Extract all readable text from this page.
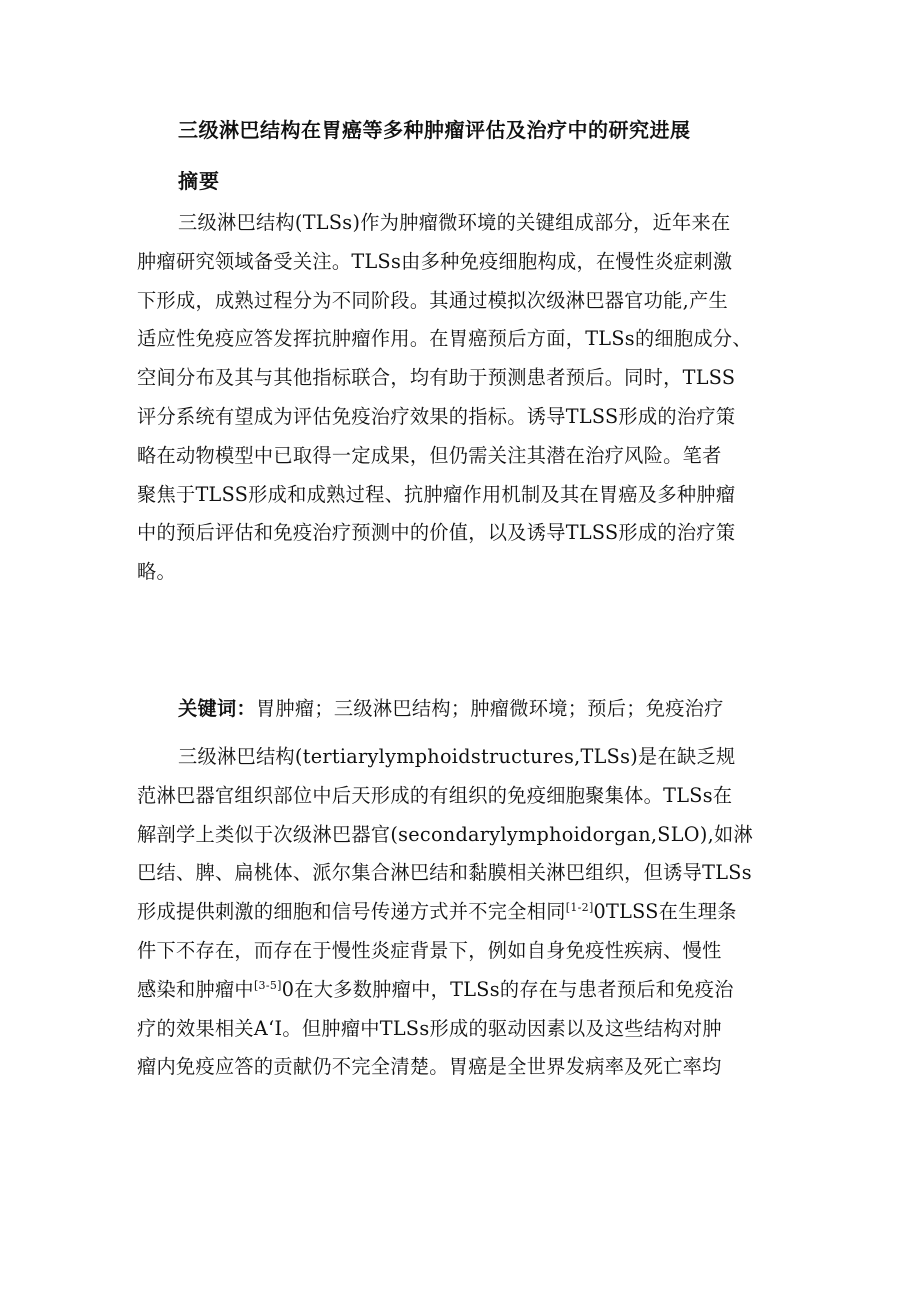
三级淋巴结构在胃癌等多种肿瘤评估及治疗中的研究进展
摘要
三级淋巴结构(TLSs)作为肿瘤微环境的关键组成部分，近年来在
肿瘤研究领域备受关注。TLSs由多种免疫细胞构成，在慢性炎症刺激
下形成，成熟过程分为不同阶段。其通过模拟次级淋巴器官功能,产生
适应性免疫应答发挥抗肿瘤作用。在胃癌预后方面，TLSs的细胞成分、
空间分布及其与其他指标联合，均有助于预测患者预后。同时，TLSS
评分系统有望成为评估免疫治疗效果的指标。诱导TLSS形成的治疗策
略在动物模型中已取得一定成果，但仍需关注其潜在治疗风险。笔者
聚焦于TLSS形成和成熟过程、抗肿瘤作用机制及其在胃癌及多种肿瘤
中的预后评估和免疫治疗预测中的价值，以及诱导TLSS形成的治疗策
略。
关键词：胃肿瘤；三级淋巴结构；肿瘤微环境；预后；免疫治疗
三级淋巴结构(tertiarylymphoidstructures,TLSs)是在缺乏规
范淋巴器官组织部位中后天形成的有组织的免疫细胞聚集体。TLSs在
解剖学上类似于次级淋巴器官(secondarylymphoidorgan,SLO),如淋
巴结、脾、扁桃体、派尔集合淋巴结和黏膜相关淋巴组织，但诱导TLSs
形成提供刺激的细胞和信号传递方式并不完全相同[1-2]0TLSS在生理条
件下不存在，而存在于慢性炎症背景下，例如自身免疫性疾病、慢性
感染和肿瘤中[3-5]0在大多数肿瘤中，TLSs的存在与患者预后和免疫治
疗的效果相关A‘I。但肿瘤中TLSs形成的驱动因素以及这些结构对肿
瘤内免疫应答的贡献仍不完全清楚。胃癌是全世界发病率及死亡率均
